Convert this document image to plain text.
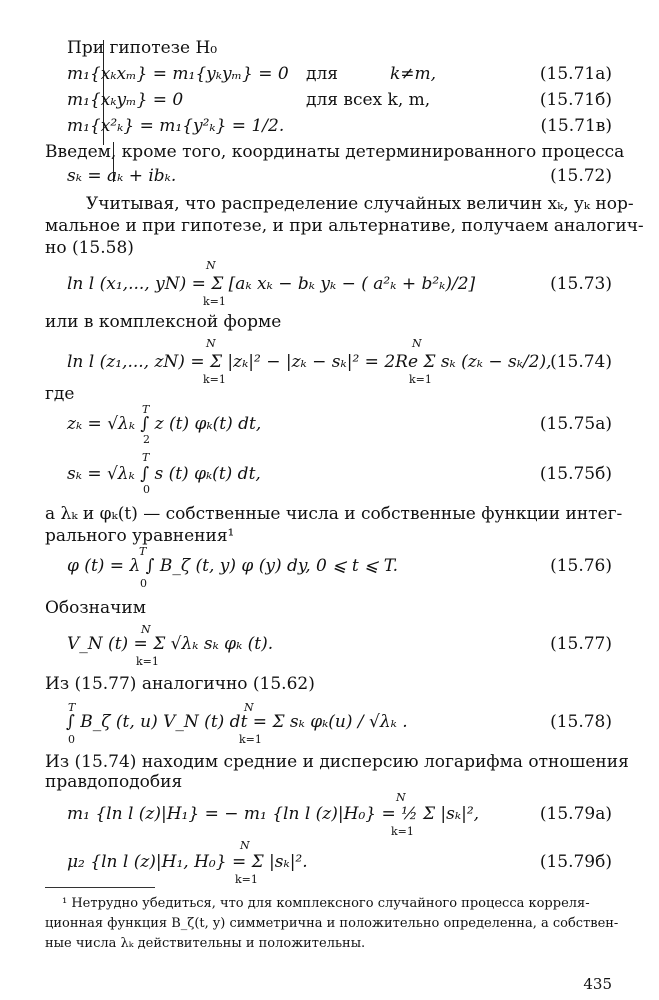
При гипотезе H₀
m₁{xₖxₘ} = m₁{yₖyₘ} = 0 для	k≠m,	(15.71а)
m₁{xₖyₘ} = 0	для всех k, m,	(15.71б)
m₁{x²ₖ} = m₁{y²ₖ} = 1/2.	(15.71в)
Введем, кроме того, координаты детерминированного процесса
sₖ = aₖ + ibₖ.	(15.72)
Учитывая, что распределение случайных величин xₖ, yₖ нор-
мальное и при гипотезе, и при альтернативе, получаем аналогич-
но (15.58)
N
ln l (x₁,..., yN) = Σ [aₖ xₖ − bₖ yₖ − ( a²ₖ + b²ₖ)/2]
k=1
(15.73)
или в комплексной форме
N	N
ln l (z₁,..., zN) = Σ |zₖ|² − |zₖ − sₖ|² = 2Re Σ sₖ (zₖ − sₖ/2),
k=1	k=1
(15.74)
где
T
zₖ = √λₖ ∫ z (t) φₖ(t) dt,
2
(15.75а)
T
sₖ = √λₖ ∫ s (t) φₖ(t) dt,
0
(15.75б)
а λₖ и φₖ(t) — собственные числа и собственные функции интег-
рального уравнения¹
T
φ (t) = λ ∫ B_ζ (t, y) φ (y) dy, 0 ⩽ t ⩽ T.
0
(15.76)
Обозначим
N
V_N (t) = Σ √λₖ sₖ φₖ (t).
k=1
(15.77)
Из (15.77) аналогично (15.62)
T	N
∫ B_ζ (t, u) V_N (t) dt = Σ sₖ φₖ(u) / √λₖ .
0	k=1
(15.78)
Из (15.74) находим средние и дисперсию логарифма отношения
правдоподобия
N
m₁ {ln l (z)|H₁} = − m₁ {ln l (z)|H₀} = ½ Σ |sₖ|²,
k=1
(15.79а)
N
μ₂ {ln l (z)|H₁, H₀} = Σ |sₖ|².
k=1
(15.79б)
¹ Нетрудно убедиться, что для комплексного случайного процесса корреля-
ционная функция B_ζ(t, y) симметрична и положительно определенна, а собствен-
ные числа λₖ действительны и положительны.
435
